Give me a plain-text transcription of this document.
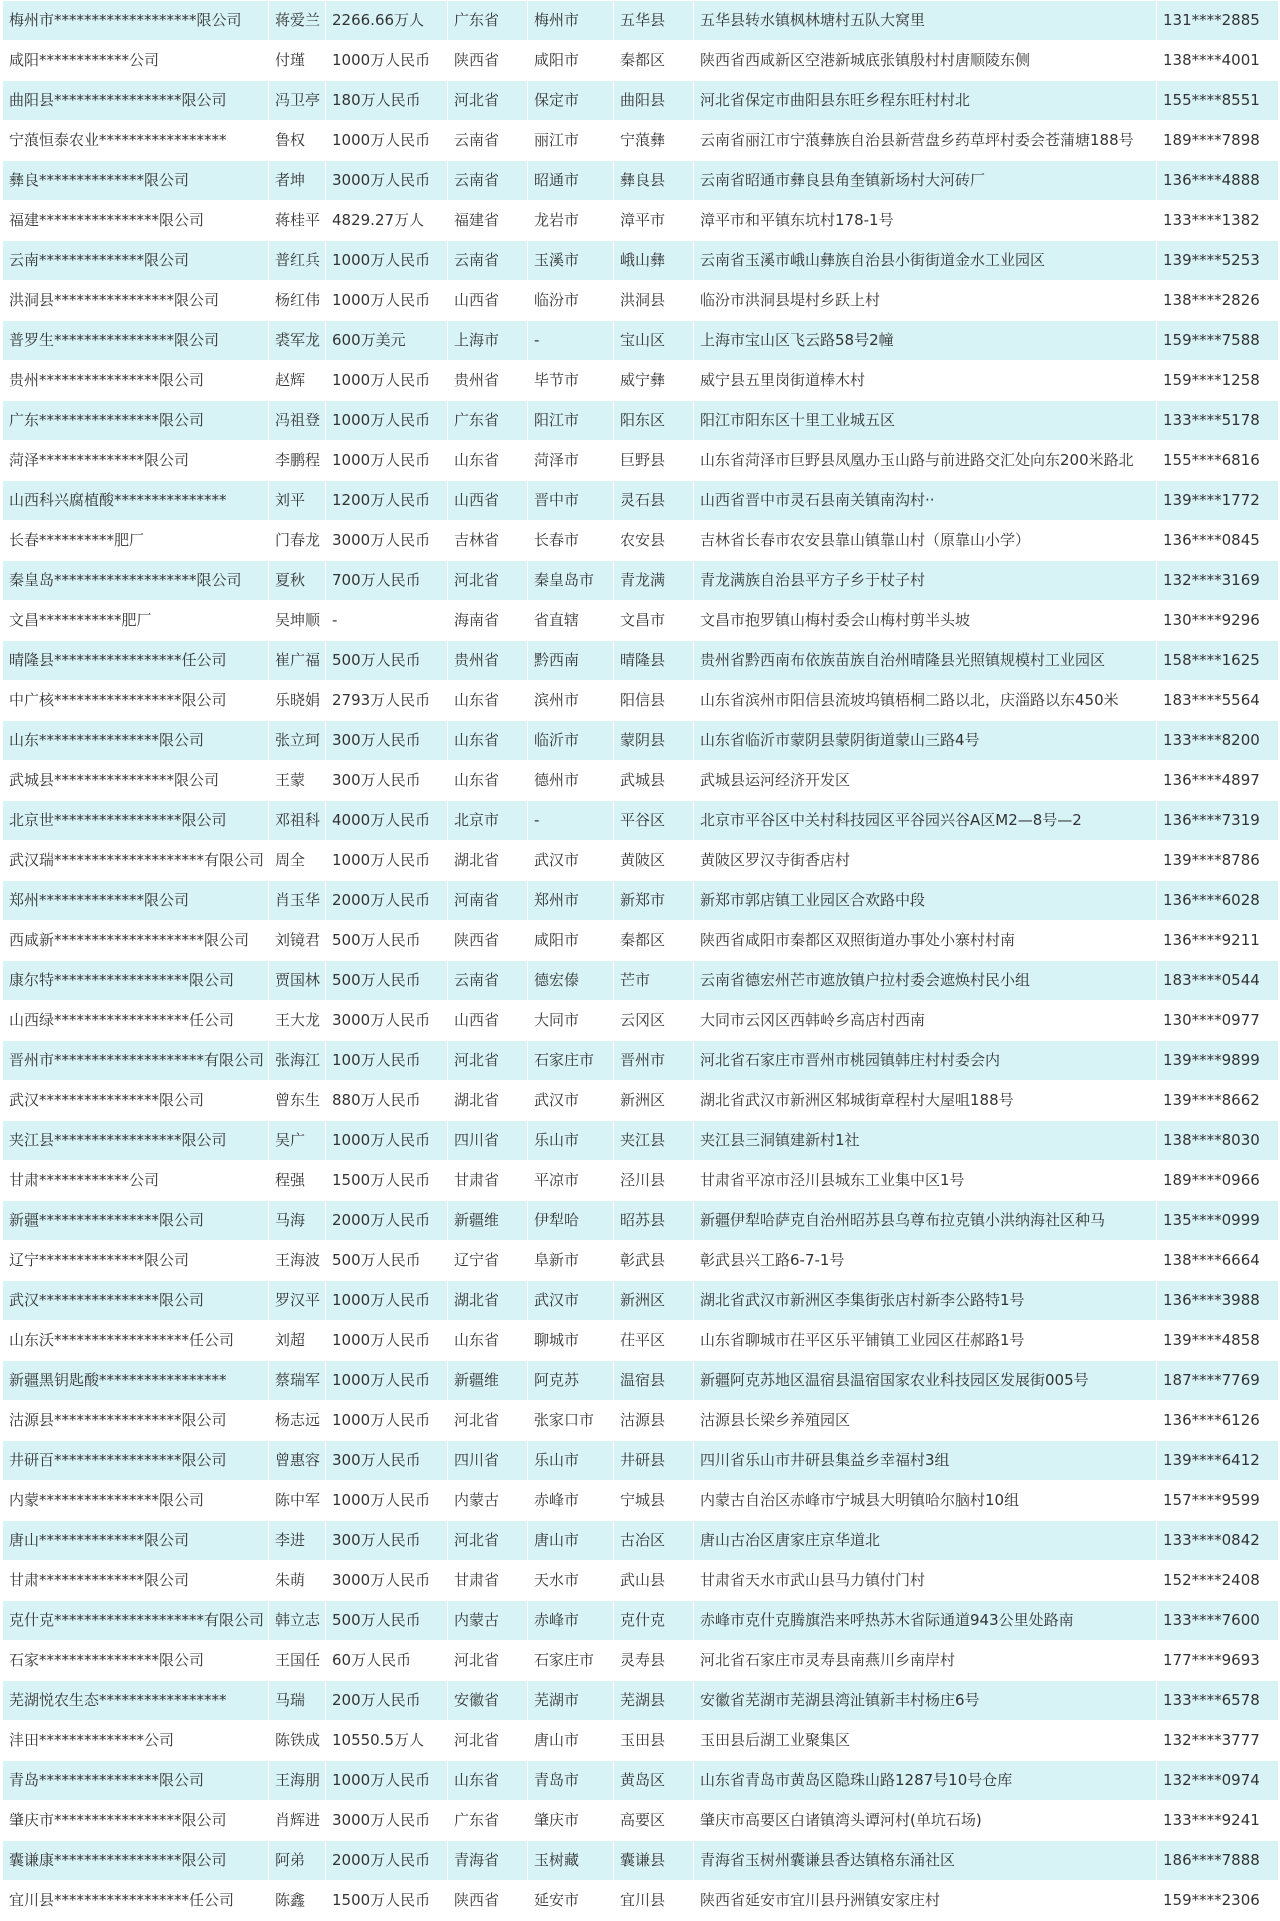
梅州市*******************限公司	蒋爱兰	2266.66万人	广东省	梅州市	五华县	五华县转水镇枫林塘村五队大窝里	131****2885
咸阳************公司	付瑾	1000万人民币	陕西省	咸阳市	秦都区	陕西省西咸新区空港新城底张镇殷村村唐顺陵东侧	138****4001
曲阳县*****************限公司	冯卫亭	180万人民币	河北省	保定市	曲阳县	河北省保定市曲阳县东旺乡程东旺村村北	155****8551
宁蒗恒泰农业*****************	鲁权	1000万人民币	云南省	丽江市	宁蒗彝	云南省丽江市宁蒗彝族自治县新营盘乡药草坪村委会苍蒲塘188号	189****7898
彝良**************限公司	者坤	3000万人民币	云南省	昭通市	彝良县	云南省昭通市彝良县角奎镇新场村大河砖厂	136****4888
福建****************限公司	蒋桂平	4829.27万人	福建省	龙岩市	漳平市	漳平市和平镇东坑村178-1号	133****1382
云南**************限公司	普红兵	1000万人民币	云南省	玉溪市	峨山彝	云南省玉溪市峨山彝族自治县小街街道金水工业园区	139****5253
洪洞县****************限公司	杨红伟	1000万人民币	山西省	临汾市	洪洞县	临汾市洪洞县堤村乡跃上村	138****2826
普罗生****************限公司	裘军龙	600万美元	上海市	-	宝山区	上海市宝山区飞云路58号2幢	159****7588
贵州****************限公司	赵辉	1000万人民币	贵州省	毕节市	威宁彝	威宁县五里岗街道棒木村	159****1258
广东****************限公司	冯祖登	1000万人民币	广东省	阳江市	阳东区	阳江市阳东区十里工业城五区	133****5178
菏泽**************限公司	李鹏程	1000万人民币	山东省	菏泽市	巨野县	山东省菏泽市巨野县凤凰办玉山路与前进路交汇处向东200米路北	155****6816
山西科兴腐植酸***************	刘平	1200万人民币	山西省	晋中市	灵石县	山西省晋中市灵石县南关镇南沟村··	139****1772
长春**********肥厂	门春龙	3000万人民币	吉林省	长春市	农安县	吉林省长春市农安县靠山镇靠山村（原靠山小学）	136****0845
秦皇岛*******************限公司	夏秋	700万人民币	河北省	秦皇岛市	青龙满	青龙满族自治县平方子乡于杖子村	132****3169
文昌***********肥厂	吴坤顺	-	海南省	省直辖	文昌市	文昌市抱罗镇山梅村委会山梅村剪半头坡	130****9296
晴隆县*****************任公司	崔广福	500万人民币	贵州省	黔西南	晴隆县	贵州省黔西南布依族苗族自治州晴隆县光照镇规模村工业园区	158****1625
中广核*****************限公司	乐晓娟	2793万人民币	山东省	滨州市	阳信县	山东省滨州市阳信县流坡坞镇梧桐二路以北，庆淄路以东450米	183****5564
山东****************限公司	张立珂	300万人民币	山东省	临沂市	蒙阴县	山东省临沂市蒙阴县蒙阴街道蒙山三路4号	133****8200
武城县****************限公司	王蒙	300万人民币	山东省	德州市	武城县	武城县运河经济开发区	136****4897
北京世*****************限公司	邓祖科	4000万人民币	北京市	-	平谷区	北京市平谷区中关村科技园区平谷园兴谷A区M2—8号—2	136****7319
武汉瑞********************有限公司	周全	1000万人民币	湖北省	武汉市	黄陂区	黄陂区罗汉寺街香店村	139****8786
郑州**************限公司	肖玉华	2000万人民币	河南省	郑州市	新郑市	新郑市郭店镇工业园区合欢路中段	136****6028
西咸新********************限公司	刘镜君	500万人民币	陕西省	咸阳市	秦都区	陕西省咸阳市秦都区双照街道办事处小寨村村南	136****9211
康尔特******************限公司	贾国林	500万人民币	云南省	德宏傣	芒市	云南省德宏州芒市遮放镇户拉村委会遮焕村民小组	183****0544
山西绿******************任公司	王大龙	3000万人民币	山西省	大同市	云冈区	大同市云冈区西韩岭乡高店村西南	130****0977
晋州市********************有限公司	张海江	100万人民币	河北省	石家庄市	晋州市	河北省石家庄市晋州市桃园镇韩庄村村委会内	139****9899
武汉****************限公司	曾东生	880万人民币	湖北省	武汉市	新洲区	湖北省武汉市新洲区邾城街章程村大屋咀188号	139****8662
夹江县*****************限公司	吴广	1000万人民币	四川省	乐山市	夹江县	夹江县三洞镇建新村1社	138****8030
甘肃************公司	程强	1500万人民币	甘肃省	平凉市	泾川县	甘肃省平凉市泾川县城东工业集中区1号	189****0966
新疆****************限公司	马海	2000万人民币	新疆维	伊犁哈	昭苏县	新疆伊犁哈萨克自治州昭苏县乌尊布拉克镇小洪纳海社区种马	135****0999
辽宁**************限公司	王海波	500万人民币	辽宁省	阜新市	彰武县	彰武县兴工路6-7-1号	138****6664
武汉****************限公司	罗汉平	1000万人民币	湖北省	武汉市	新洲区	湖北省武汉市新洲区李集街张店村新李公路特1号	136****3988
山东沃******************任公司	刘超	1000万人民币	山东省	聊城市	茌平区	山东省聊城市茌平区乐平铺镇工业园区茌郝路1号	139****4858
新疆黑钥匙酸*****************	蔡瑞军	1000万人民币	新疆维	阿克苏	温宿县	新疆阿克苏地区温宿县温宿国家农业科技园区发展街005号	187****7769
沽源县*****************限公司	杨志远	1000万人民币	河北省	张家口市	沽源县	沽源县长梁乡养殖园区	136****6126
井研百*****************限公司	曾惠容	300万人民币	四川省	乐山市	井研县	四川省乐山市井研县集益乡幸福村3组	139****6412
内蒙****************限公司	陈中军	1000万人民币	内蒙古	赤峰市	宁城县	内蒙古自治区赤峰市宁城县大明镇哈尔脑村10组	157****9599
唐山**************限公司	李进	300万人民币	河北省	唐山市	古冶区	唐山古冶区唐家庄京华道北	133****0842
甘肃**************限公司	朱萌	3000万人民币	甘肃省	天水市	武山县	甘肃省天水市武山县马力镇付门村	152****2408
克什克********************有限公司	韩立志	500万人民币	内蒙古	赤峰市	克什克	赤峰市克什克腾旗浩来呼热苏木省际通道943公里处路南	133****7600
石家****************限公司	王国任	60万人民币	河北省	石家庄市	灵寿县	河北省石家庄市灵寿县南燕川乡南岸村	177****9693
芜湖悦农生态*****************	马瑞	200万人民币	安徽省	芜湖市	芜湖县	安徽省芜湖市芜湖县湾沚镇新丰村杨庄6号	133****6578
沣田**************公司	陈铁成	10550.5万人	河北省	唐山市	玉田县	玉田县后湖工业聚集区	132****3777
青岛****************限公司	王海朋	1000万人民币	山东省	青岛市	黄岛区	山东省青岛市黄岛区隐珠山路1287号10号仓库	132****0974
肇庆市*****************限公司	肖辉进	3000万人民币	广东省	肇庆市	高要区	肇庆市高要区白诸镇湾头谭河村(单坑石场)	133****9241
囊谦康*****************限公司	阿弟	2000万人民币	青海省	玉树藏	囊谦县	青海省玉树州囊谦县香达镇格东涌社区	186****7888
宜川县******************任公司	陈鑫	1500万人民币	陕西省	延安市	宜川县	陕西省延安市宜川县丹洲镇安家庄村	159****2306
